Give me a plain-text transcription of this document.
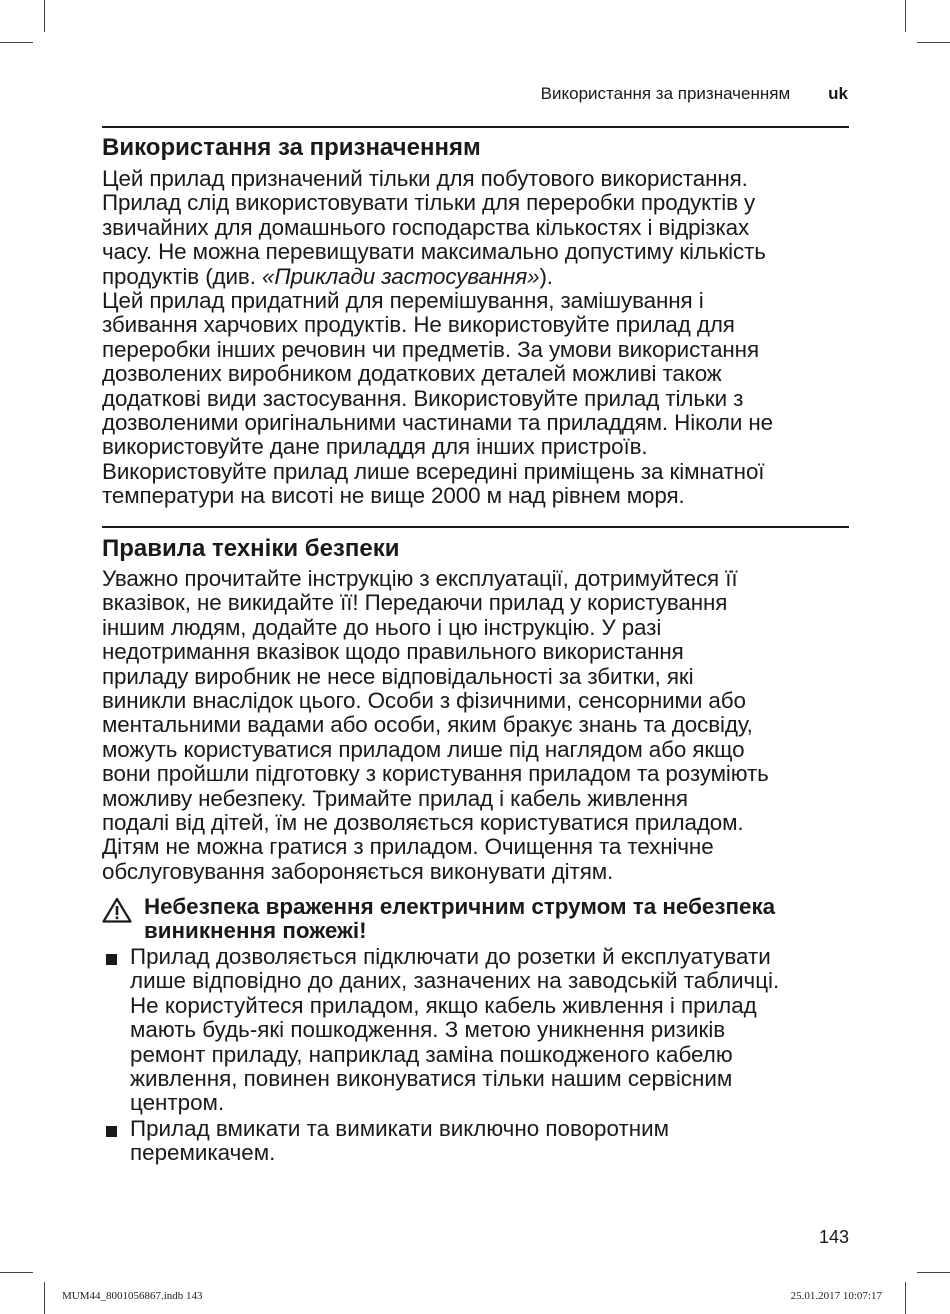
Використання за призначенням uk
Використання за призначенням
Цей прилад призначений тільки для побутового використання.
Прилад слід використовувати тільки для переробки продуктів у
звичайних для домашнього господарства кількостях і відрізках
часу. Не можна перевищувати максимально допустиму кількість
продуктів (див. «Приклади застосування»).
Цей прилад придатний для перемішування, замішування і
збивання харчових продуктів. Не використовуйте прилад для
переробки інших речовин чи предметів. За умови використання
дозволених виробником додаткових деталей можливі також
додаткові види застосування. Використовуйте прилад тільки з
дозволеними оригінальними частинами та приладдям. Ніколи не
використовуйте дане приладдя для інших пристроїв.
Використовуйте прилад лише всередині приміщень за кімнатної
температури на висоті не вище 2000 м над рівнем моря.
Правила техніки безпеки
Уважно прочитайте інструкцію з експлуатації, дотримуйтеся її
вказівок, не викидайте її! Передаючи прилад у користування
іншим людям, додайте до нього і цю інструкцію. У разі
недотримання вказівок щодо правильного використання
приладу виробник не несе відповідальності за збитки, які
виникли внаслідок цього. Особи з фізичними, сенсорними або
ментальними вадами або особи, яким бракує знань та досвіду,
можуть користуватися приладом лише під наглядом або якщо
вони пройшли підготовку з користування приладом та розуміють
можливу небезпеку. Тримайте прилад і кабель живлення
подалі від дітей, їм не дозволяється користуватися приладом.
Дітям не можна гратися з приладом. Очищення та технічне
обслуговування забороняється виконувати дітям.
Небезпека враження електричним струмом та небезпека
виникнення пожежі!
Прилад дозволяється підключати до розетки й експлуатувати
лише відповідно до даних, зазначених на заводській табличці.
Не користуйтеся приладом, якщо кабель живлення і прилад
мають будь-які пошкодження. З метою уникнення ризиків
ремонт приладу, наприклад заміна пошкодженого кабелю
живлення, повинен виконуватися тільки нашим сервісним
центром.
Прилад вмикати та вимикати виключно поворотним
перемикачем.
143
MUM44_8001056867.indb 143	25.01.2017 10:07:17
